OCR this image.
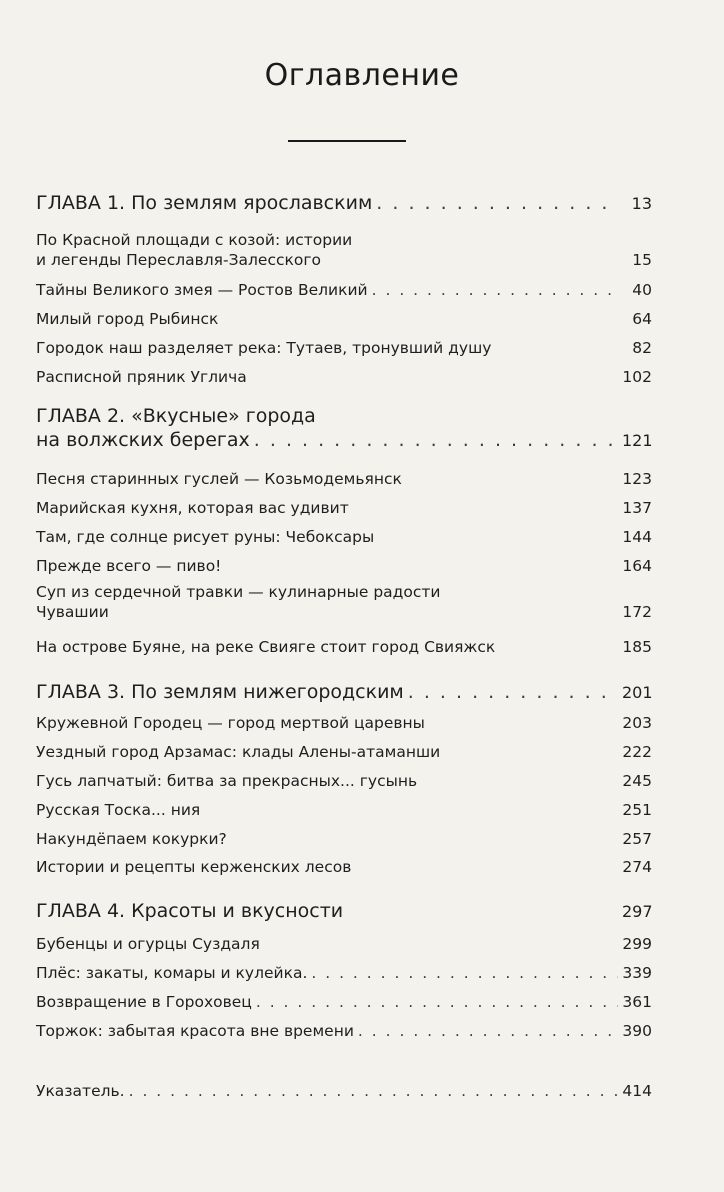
Оглавление
ГЛАВА 1. По землям ярославским . . .	13
По Красной площади с козой: истории
и легенды Переславля-Залесского	15
Тайны Великого змея — Ростов Великий . . .	40
Милый город Рыбинск	64
Городок наш разделяет река: Тутаев, тронувший душу	82
Расписной пряник Углича	102
ГЛАВА 2. «Вкусные» города
на волжских берегах . . .	121
Песня старинных гуслей — Козьмодемьянск	123
Марийская кухня, которая вас удивит	137
Там, где солнце рисует руны: Чебоксары	144
Прежде всего — пиво!	164
Суп из сердечной травки — кулинарные радости
Чувашии	172
На острове Буяне, на реке Свияге стоит город Свияжск	185
ГЛАВА 3. По землям нижегородским . . .	201
Кружевной Городец — город мертвой царевны	203
Уездный город Арзамас: клады Алены-атаманши	222
Гусь лапчатый: битва за прекрасных... гусынь	245
Русская Тоска... ния	251
Накундёпаем кокурки?	257
Истории и рецепты керженских лесов	274
ГЛАВА 4. Красоты и вкусности	297
Бубенцы и огурцы Суздаля	299
Плёс: закаты, комары и кулейка. . . .	339
Возвращение в Гороховец . . .	361
Торжок: забытая красота вне времени . . .	390
Указатель. . . .	414
